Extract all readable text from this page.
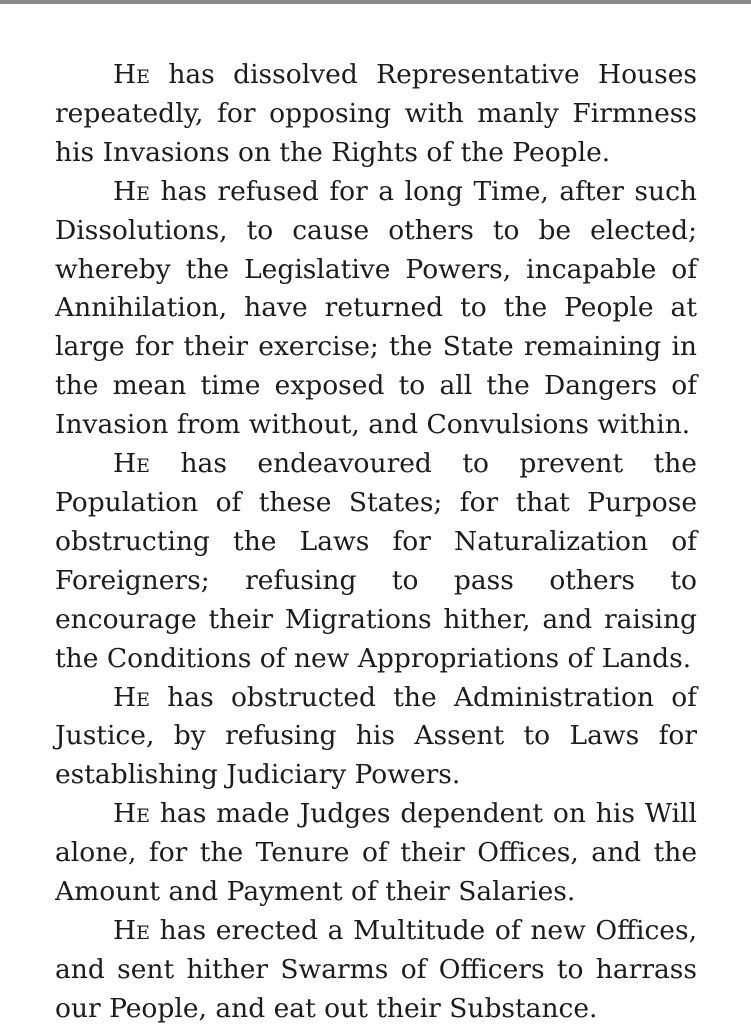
He has dissolved Representative Houses repeatedly, for opposing with manly Firmness his Invasions on the Rights of the People.

He has refused for a long Time, after such Dissolutions, to cause others to be elected; whereby the Legislative Powers, incapable of Annihilation, have returned to the People at large for their exercise; the State remaining in the mean time exposed to all the Dangers of Invasion from without, and Convulsions within.

He has endeavoured to prevent the Population of these States; for that Purpose obstructing the Laws for Naturalization of Foreigners; refusing to pass others to encourage their Migrations hither, and raising the Conditions of new Appropriations of Lands.

He has obstructed the Administration of Justice, by refusing his Assent to Laws for establishing Judiciary Powers.

He has made Judges dependent on his Will alone, for the Tenure of their Offices, and the Amount and Payment of their Salaries.

He has erected a Multitude of new Offices, and sent hither Swarms of Officers to harrass our People, and eat out their Substance.
